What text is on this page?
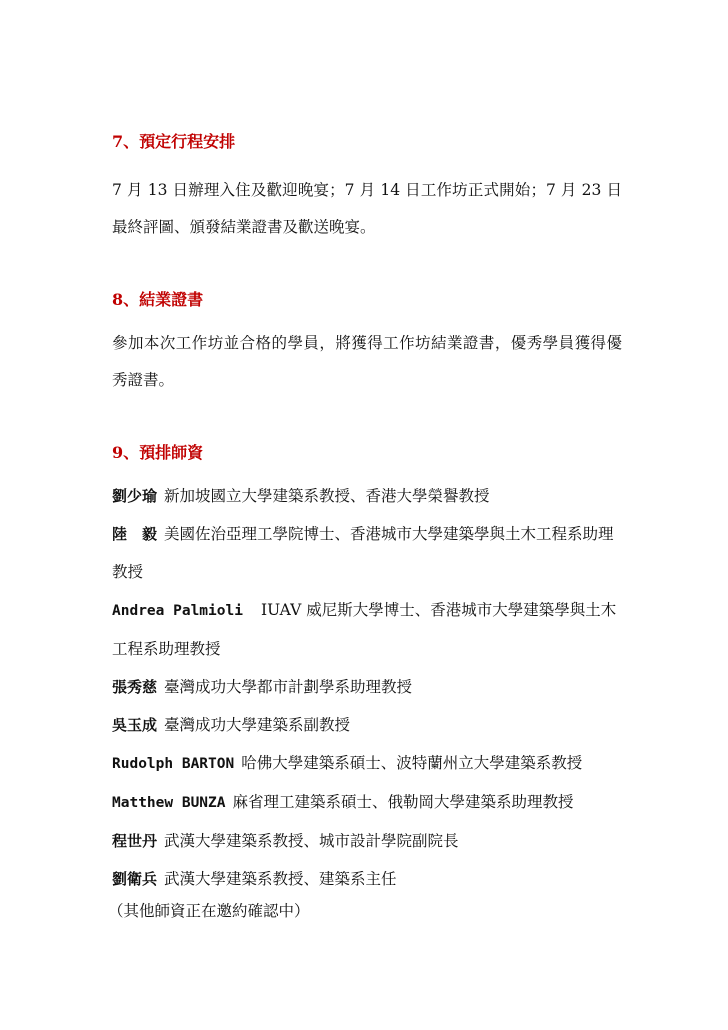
7、預定行程安排

7 月 13 日辦理入住及歡迎晚宴；7 月 14 日工作坊正式開始；7 月 23 日　最終評圖、頒發結業證書及歡送晚宴。

8、結業證書

參加本次工作坊並合格的學員，將獲得工作坊結業證書，優秀學員獲得優秀證書。

9、預排師資

劉少瑜 新加坡國立大學建築系教授、香港大學榮譽教授

陸　毅 美國佐治亞理工學院博士、香港城市大學建築學與土木工程系助理教授

Andrea Palmioli IUAV 威尼斯大學博士、香港城市大學建築學與土木工程系助理教授

張秀慈 臺灣成功大學都市計劃學系助理教授

吳玉成 臺灣成功大學建築系副教授

Rudolph BARTON 哈佛大學建築系碩士、波特蘭州立大學建築系教授

Matthew BUNZA 麻省理工建築系碩士、俄勒岡大學建築系助理教授

程世丹 武漢大學建築系教授、城市設計學院副院長

劉衛兵 武漢大學建築系教授、建築系主任

（其他師資正在邀約確認中）
